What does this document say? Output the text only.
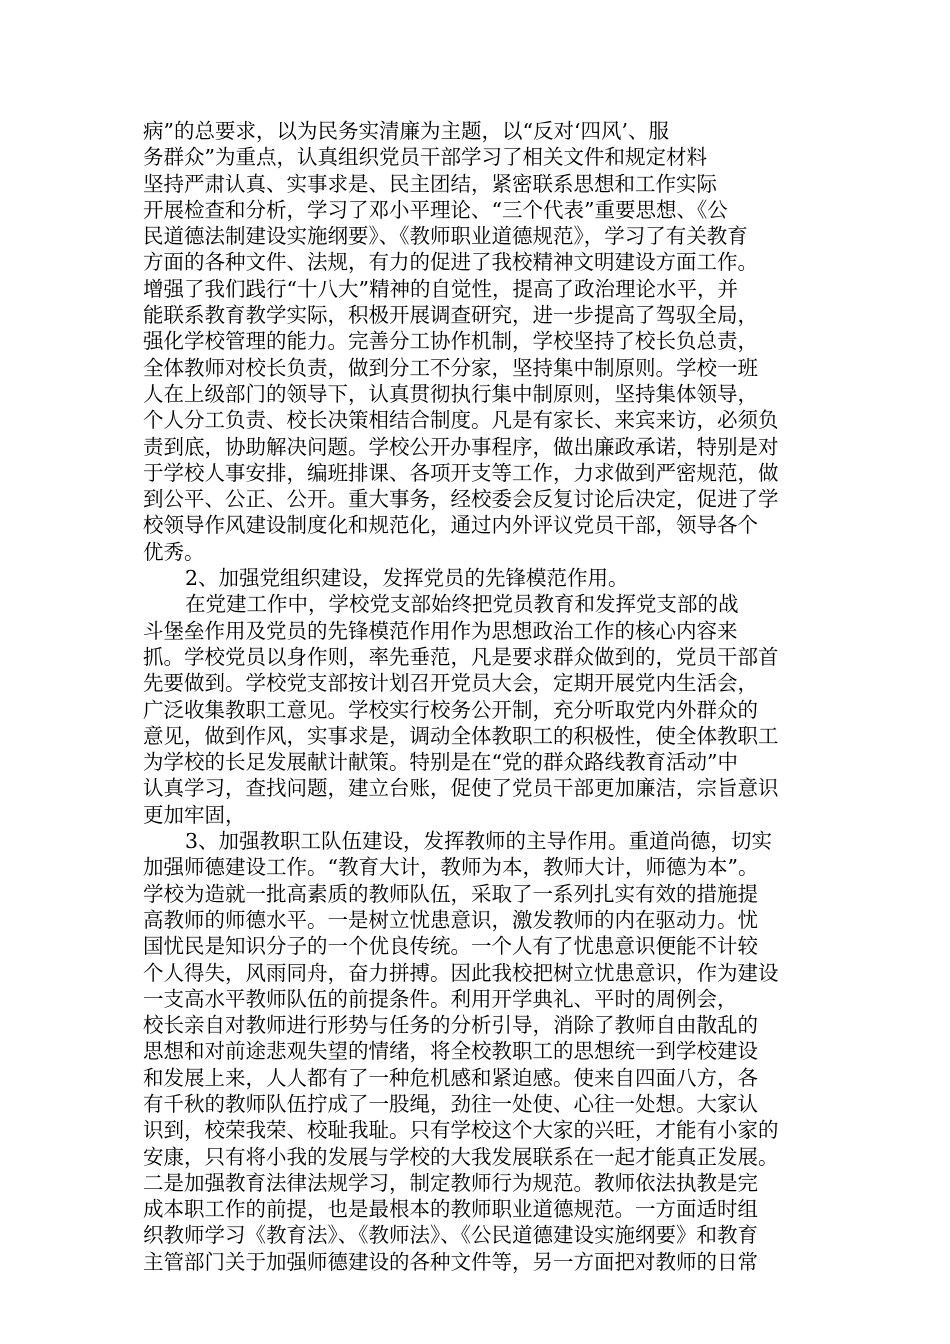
病”的总要求，以为民务实清廉为主题，以“反对‘四风’、服
务群众”为重点，认真组织党员干部学习了相关文件和规定材料
坚持严肃认真、实事求是、民主团结，紧密联系思想和工作实际
开展检查和分析，学习了邓小平理论、“三个代表”重要思想、《公
民道德法制建设实施纲要》、《教师职业道德规范》，学习了有关教育
方面的各种文件、法规，有力的促进了我校精神文明建设方面工作。
增强了我们践行“十八大”精神的自觉性，提高了政治理论水平，并
能联系教育教学实际，积极开展调查研究，进一步提高了驾驭全局，
强化学校管理的能力。完善分工协作机制，学校坚持了校长负总责，
全体教师对校长负责，做到分工不分家，坚持集中制原则。学校一班
人在上级部门的领导下，认真贯彻执行集中制原则，坚持集体领导，
个人分工负责、校长决策相结合制度。凡是有家长、来宾来访，必须负
责到底，协助解决问题。学校公开办事程序，做出廉政承诺，特别是对
于学校人事安排，编班排课、各项开支等工作，力求做到严密规范，做
到公平、公正、公开。重大事务，经校委会反复讨论后决定，促进了学
校领导作风建设制度化和规范化，通过内外评议党员干部，领导各个
优秀。
2、加强党组织建设，发挥党员的先锋模范作用。
在党建工作中，学校党支部始终把党员教育和发挥党支部的战
斗堡垒作用及党员的先锋模范作用作为思想政治工作的核心内容来
抓。学校党员以身作则，率先垂范，凡是要求群众做到的，党员干部首
先要做到。学校党支部按计划召开党员大会，定期开展党内生活会，
广泛收集教职工意见。学校实行校务公开制，充分听取党内外群众的
意见，做到作风，实事求是，调动全体教职工的积极性，使全体教职工
为学校的长足发展献计献策。特别是在“党的群众路线教育活动”中
认真学习，查找问题，建立台账，促使了党员干部更加廉洁，宗旨意识
更加牢固，
3、加强教职工队伍建设，发挥教师的主导作用。重道尚德，切实
加强师德建设工作。“教育大计，教师为本，教师大计，师德为本”。
学校为造就一批高素质的教师队伍，采取了一系列扎实有效的措施提
高教师的师德水平。一是树立忧患意识，激发教师的内在驱动力。忧
国忧民是知识分子的一个优良传统。一个人有了忧患意识便能不计较
个人得失，风雨同舟，奋力拼搏。因此我校把树立忧患意识，作为建设
一支高水平教师队伍的前提条件。利用开学典礼、平时的周例会，
校长亲自对教师进行形势与任务的分析引导，消除了教师自由散乱的
思想和对前途悲观失望的情绪，将全校教职工的思想统一到学校建设
和发展上来，人人都有了一种危机感和紧迫感。使来自四面八方，各
有千秋的教师队伍拧成了一股绳，劲往一处使、心往一处想。大家认
识到，校荣我荣、校耻我耻。只有学校这个大家的兴旺，才能有小家的
安康，只有将小我的发展与学校的大我发展联系在一起才能真正发展。
二是加强教育法律法规学习，制定教师行为规范。教师依法执教是完
成本职工作的前提，也是最根本的教师职业道德规范。一方面适时组
织教师学习《教育法》、《教师法》、《公民道德建设实施纲要》和教育
主管部门关于加强师德建设的各种文件等，另一方面把对教师的日常
